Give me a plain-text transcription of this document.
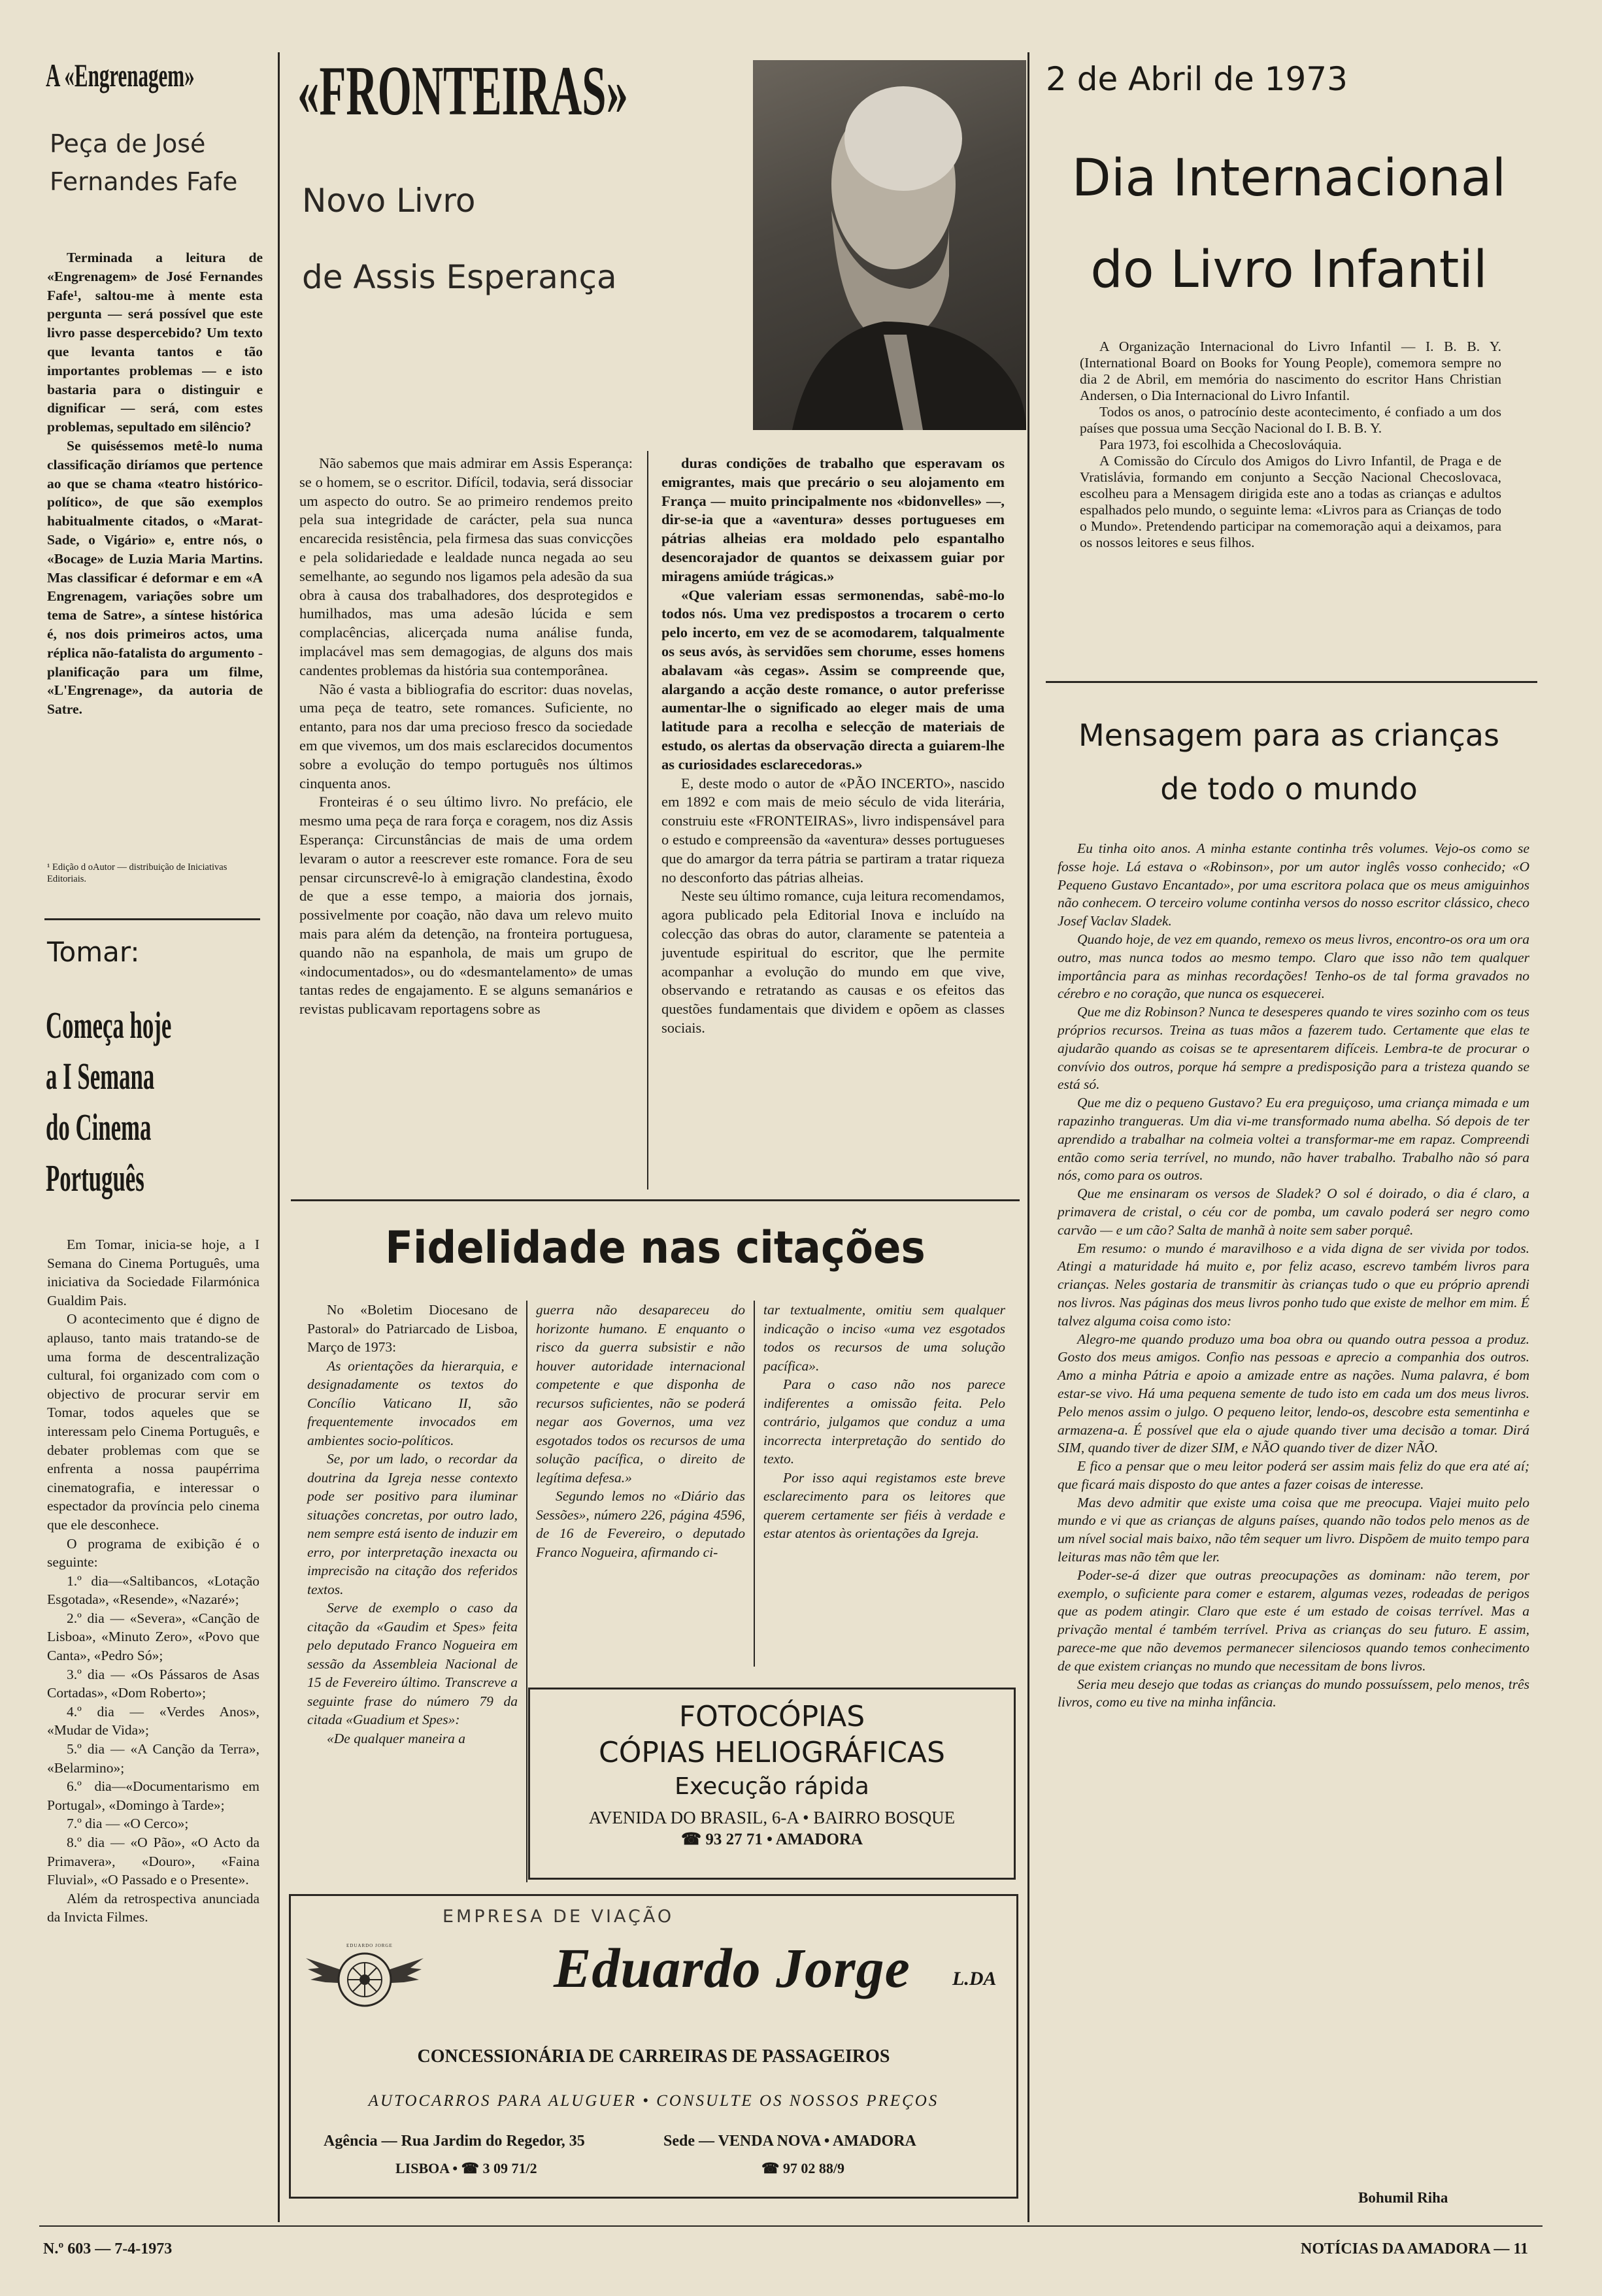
A «Engrenagem»
Peça de José
Fernandes Fafe

Terminada a leitura de «Engrenagem» de José Fernandes Fafe¹, saltou-me à mente esta pergunta — será possível que este livro passe despercebido? Um texto que levanta tantos e tão importantes problemas — e isto bastaria para o distinguir e dignificar — será, com estes problemas, sepultado em silêncio?

Se quiséssemos metê-lo numa classificação diríamos que pertence ao que se chama «teatro histórico-político», de que são exemplos habitualmente citados, o «Marat-Sade, o Vigário» e, entre nós, o «Bocage» de Luzia Maria Martins. Mas classificar é deformar e em «A Engrenagem, variações sobre um tema de Satre», a síntese histórica é, nos dois primeiros actos, uma réplica não-fatalista do argumento - planificação para um filme, «L'Engrenage», da autoria de Satre.

¹ Edição d oAutor — distribuição de Iniciativas Editoriais.
Tomar:
Começa hoje
a I Semana
do Cinema
Português

Em Tomar, inicia-se hoje, a I Semana do Cinema Português, uma iniciativa da Sociedade Filarmónica Gualdim Pais.

O acontecimento que é digno de aplauso, tanto mais tratando-se de uma forma de descentralização cultural, foi organizado com com o objectivo de procurar servir em Tomar, todos aqueles que se interessam pelo Cinema Português, e debater problemas com que se enfrenta a nossa paupérrima cinematografia, e interessar o espectador da província pelo cinema que ele desconhece.

O programa de exibição é o seguinte:

1.º dia—«Saltibancos, «Lotação Esgotada», «Resende», «Nazaré»;

2.º dia — «Severa», «Canção de Lisboa», «Minuto Zero», «Povo que Canta», «Pedro Só»;

3.º dia — «Os Pássaros de Asas Cortadas», «Dom Roberto»;

4.º dia — «Verdes Anos», «Mudar de Vida»;

5.º dia — «A Canção da Terra», «Belarmino»;

6.º dia—«Documentarismo em Portugal», «Domingo à Tarde»;

7.º dia — «O Cerco»;

8.º dia — «O Pão», «O Acto da Primavera», «Douro», «Faina Fluvial», «O Passado e o Presente».

Além da retrospectiva anunciada da Invicta Filmes.

«FRONTEIRAS»
Novo Livro
de Assis Esperança

Não sabemos que mais admirar em Assis Esperança: se o homem, se o escritor. Difícil, todavia, será dissociar um aspecto do outro. Se ao primeiro rendemos preito pela sua integridade de carácter, pela sua nunca encarecida resistência, pela firmesa das suas convicções e pela solidariedade e lealdade nunca negada ao seu semelhante, ao segundo nos ligamos pela adesão da sua obra à causa dos trabalhadores, dos desprotegidos e humilhados, mas uma adesão lúcida e sem complacências, alicerçada numa análise funda, implacável mas sem demagogias, de alguns dos mais candentes problemas da história sua contemporânea.

Não é vasta a bibliografia do escritor: duas novelas, uma peça de teatro, sete romances. Suficiente, no entanto, para nos dar uma precioso fresco da sociedade em que vivemos, um dos mais esclarecidos documentos sobre a evolução do tempo português nos últimos cinquenta anos.

Fronteiras é o seu último livro. No prefácio, ele mesmo uma peça de rara força e coragem, nos diz Assis Esperança: Circunstâncias de mais de uma ordem levaram o autor a reescrever este romance. Fora de seu pensar circunscrevê-lo à emigração clandestina, êxodo de que a esse tempo, a maioria dos jornais, possivelmente por coação, não dava um relevo muito mais para além da detenção, na fronteira portuguesa, quando não na espanhola, de mais um grupo de «indocumentados», ou do «desmantelamento» de umas tantas redes de engajamento. E se alguns semanários e revistas publicavam reportagens sobre as

duras condições de trabalho que esperavam os emigrantes, mais que precário o seu alojamento em França — muito principalmente nos «bidonvelles» —, dir-se-ia que a «aventura» desses portugueses em pátrias alheias era moldado pelo espantalho desencorajador de quantos se deixassem guiar por miragens amiúde trágicas.»

«Que valeriam essas sermonendas, sabê-mo-lo todos nós. Uma vez predispostos a trocarem o certo pelo incerto, em vez de se acomodarem, talqualmente os seus avós, às servidões sem chorume, esses homens abalavam «às cegas». Assim se compreende que, alargando a acção deste romance, o autor preferisse aumentar-lhe o significado ao eleger mais de uma latitude para a recolha e selecção de materiais de estudo, os alertas da observação directa a guiarem-lhe as curiosidades esclarecedoras.»

E, deste modo o autor de «PÃO INCERTO», nascido em 1892 e com mais de meio século de vida literária, construiu este «FRONTEIRAS», livro indispensável para o estudo e compreensão da «aventura» desses portugueses que do amargor da terra pátria se partiram a tratar riqueza no desconforto das pátrias alheias.

Neste seu último romance, cuja leitura recomendamos, agora publicado pela Editorial Inova e incluído na colecção das obras do autor, claramente se patenteia a juventude espiritual do escritor, que lhe permite acompanhar a evolução do mundo em que vive, observando e retratando as causas e os efeitos das questões fundamentais que dividem e opõem as classes sociais.

Fidelidade nas citações

No «Boletim Diocesano de Pastoral» do Patriarcado de Lisboa, Março de 1973:

As orientações da hierarquia, e designadamente os textos do Concílio Vaticano II, são frequentemente invocados em ambientes socio-políticos.

Se, por um lado, o recordar da doutrina da Igreja nesse contexto pode ser positivo para iluminar situações concretas, por outro lado, nem sempre está isento de induzir em erro, por interpretação inexacta ou imprecisão na citação dos referidos textos.

Serve de exemplo o caso da citação da «Gaudim et Spes» feita pelo deputado Franco Nogueira em sessão da Assembleia Nacional de 15 de Fevereiro último. Transcreve a seguinte frase do número 79 da citada «Guadium et Spes»:

«De qualquer maneira a

guerra não desapareceu do horizonte humano. E enquanto o risco da guerra subsistir e não houver autoridade internacional competente e que disponha de recursos suficientes, não se poderá negar aos Governos, uma vez esgotados todos os recursos de uma solução pacífica, o direito de legítima defesa.»

Segundo lemos no «Diário das Sessões», número 226, página 4596, de 16 de Fevereiro, o deputado Franco Nogueira, afirmando ci-

tar textualmente, omitiu sem qualquer indicação o inciso «uma vez esgotados todos os recursos de uma solução pacífica».

Para o caso não nos parece indiferentes a omissão feita. Pelo contrário, julgamos que conduz a uma incorrecta interpretação do sentido do texto.

Por isso aqui registamos este breve esclarecimento para os leitores que querem certamente ser fiéis à verdade e estar atentos às orientações da Igreja.

FOTOCÓPIAS
CÓPIAS HELIOGRÁFICAS
Execução rápida
AVENIDA DO BRASIL, 6-A • BAIRRO BOSQUE
☎ 93 27 71 • AMADORA
EMPRESA DE VIAÇÃO
EDUARDO JORGE	Eduardo Jorge L.DA
CONCESSIONÁRIA DE CARREIRAS DE PASSAGEIROS
AUTOCARROS PARA ALUGUER • CONSULTE OS NOSSOS PREÇOS
Agência — Rua Jardim do Regedor, 35	Sede — VENDA NOVA • AMADORA
LISBOA • ☎ 3 09 71/2	☎ 97 02 88/9
2 de Abril de 1973
Dia Internacional
do Livro Infantil

A Organização Internacional do Livro Infantil — I. B. B. Y. (International Board on Books for Young People), comemora sempre no dia 2 de Abril, em memória do nascimento do escritor Hans Christian Andersen, o Dia Internacional do Livro Infantil.

Todos os anos, o patrocínio deste acontecimento, é confiado a um dos países que possua uma Secção Nacional do I. B. B. Y.

Para 1973, foi escolhida a Checoslováquia.

A Comissão do Círculo dos Amigos do Livro Infantil, de Praga e de Vratislávia, formando em conjunto a Secção Nacional Checoslovaca, escolheu para a Mensagem dirigida este ano a todas as crianças e adultos espalhados pelo mundo, o seguinte lema: «Livros para as Crianças de todo o Mundo». Pretendendo participar na comemoração aqui a deixamos, para os nossos leitores e seus filhos.

Mensagem para as crianças
de todo o mundo

Eu tinha oito anos. A minha estante continha três volumes. Vejo-os como se fosse hoje. Lá estava o «Robinson», por um autor inglês vosso conhecido; «O Pequeno Gustavo Encantado», por uma escritora polaca que os meus amiguinhos não conhecem. O terceiro volume continha versos do nosso escritor clássico, checo Josef Vaclav Sladek.

Quando hoje, de vez em quando, remexo os meus livros, encontro-os ora um ora outro, mas nunca todos ao mesmo tempo. Claro que isso não tem qualquer importância para as minhas recordações! Tenho-os de tal forma gravados no cérebro e no coração, que nunca os esquecerei.

Que me diz Robinson? Nunca te desesperes quando te vires sozinho com os teus próprios recursos. Treina as tuas mãos a fazerem tudo. Certamente que elas te ajudarão quando as coisas se te apresentarem difíceis. Lembra-te de procurar o convívio dos outros, porque há sempre a predisposição para a tristeza quando se está só.

Que me diz o pequeno Gustavo? Eu era preguiçoso, uma criança mimada e um rapazinho trangueras. Um dia vi-me transformado numa abelha. Só depois de ter aprendido a trabalhar na colmeia voltei a transformar-me em rapaz. Compreendi então como seria terrível, no mundo, não haver trabalho. Trabalho não só para nós, como para os outros.

Que me ensinaram os versos de Sladek? O sol é doirado, o dia é claro, a primavera de cristal, o céu cor de pomba, um cavalo poderá ser negro como carvão — e um cão? Salta de manhã à noite sem saber porquê.

Em resumo: o mundo é maravilhoso e a vida digna de ser vivida por todos. Atingi a maturidade há muito e, por feliz acaso, escrevo também livros para crianças. Neles gostaria de transmitir às crianças tudo o que eu próprio aprendi nos livros. Nas páginas dos meus livros ponho tudo que existe de melhor em mim. É talvez alguma coisa como isto:

Alegro-me quando produzo uma boa obra ou quando outra pessoa a produz. Gosto dos meus amigos. Confio nas pessoas e aprecio a companhia dos outros. Amo a minha Pátria e apoio a amizade entre as nações. Numa palavra, é bom estar-se vivo. Há uma pequena semente de tudo isto em cada um dos meus livros. Pelo menos assim o julgo. O pequeno leitor, lendo-os, descobre esta sementinha e armazena-a. É possível que ela o ajude quando tiver uma decisão a tomar. Dirá SIM, quando tiver de dizer SIM, e NÃO quando tiver de dizer NÃO.

E fico a pensar que o meu leitor poderá ser assim mais feliz do que era até aí; que ficará mais disposto do que antes a fazer coisas de interesse.

Mas devo admitir que existe uma coisa que me preocupa. Viajei muito pelo mundo e vi que as crianças de alguns países, quando não todos pelo menos as de um nível social mais baixo, não têm sequer um livro. Dispõem de muito tempo para leituras mas não têm que ler.

Poder-se-á dizer que outras preocupações as dominam: não terem, por exemplo, o suficiente para comer e estarem, algumas vezes, rodeadas de perigos que as podem atingir. Claro que este é um estado de coisas terrível. Mas a privação mental é também terrível. Priva as crianças do seu futuro. E assim, parece-me que não devemos permanecer silenciosos quando temos conhecimento de que existem crianças no mundo que necessitam de bons livros.

Seria meu desejo que todas as crianças do mundo possuíssem, pelo menos, três livros, como eu tive na minha infância.

Bohumil Riha
N.º 603 — 7-4-1973	NOTÍCIAS DA AMADORA — 11
